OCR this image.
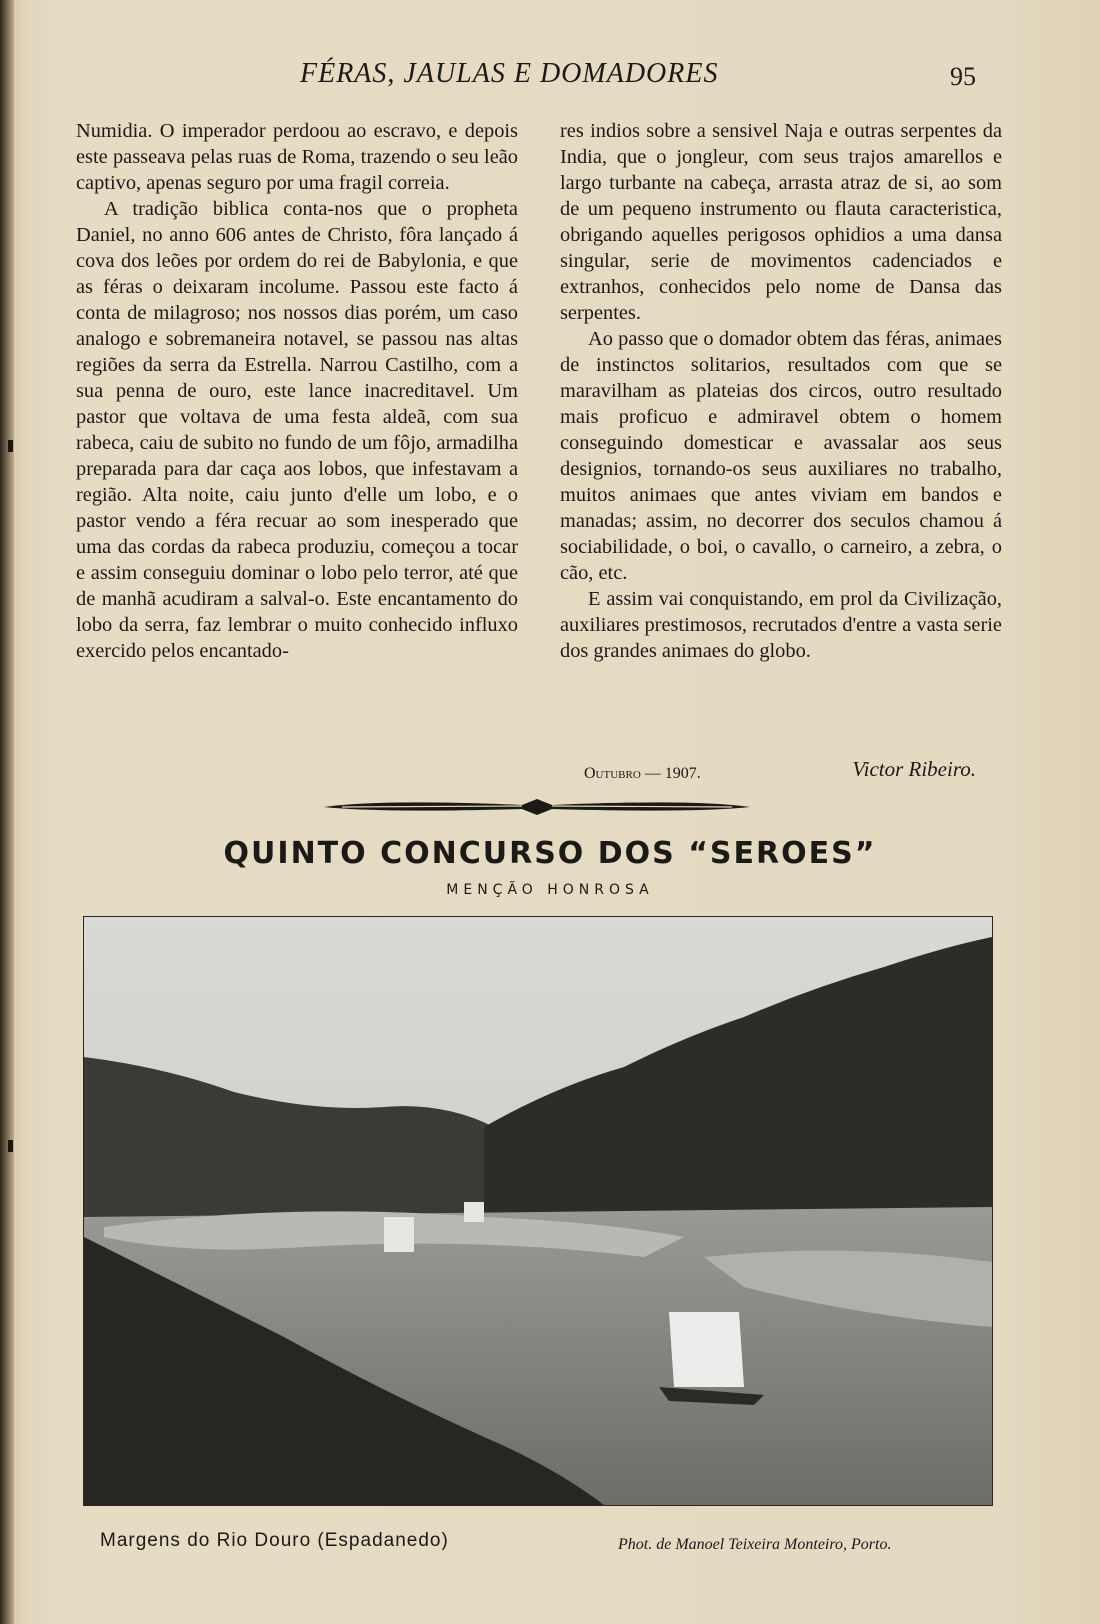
FÉRAS, JAULAS E DOMADORES	95

Numidia. O imperador perdoou ao escravo, e depois este passeava pelas ruas de Roma, trazendo o seu leão captivo, apenas seguro por uma fragil correia.

A tradição biblica conta-nos que o propheta Daniel, no anno 606 antes de Christo, fôra lançado á cova dos leões por ordem do rei de Babylonia, e que as féras o deixaram incolume. Passou este facto á conta de milagroso; nos nossos dias porém, um caso analogo e sobremaneira notavel, se passou nas altas regiões da serra da Estrella. Narrou Castilho, com a sua penna de ouro, este lance inacreditavel. Um pastor que voltava de uma festa aldeã, com sua rabeca, caiu de subito no fundo de um fôjo, armadilha preparada para dar caça aos lobos, que infestavam a região. Alta noite, caiu junto d'elle um lobo, e o pastor vendo a féra recuar ao som inesperado que uma das cordas da rabeca produziu, começou a tocar e assim conseguiu dominar o lobo pelo terror, até que de manhã acudiram a salval-o. Este encantamento do lobo da serra, faz lembrar o muito conhecido influxo exercido pelos encantado-

res indios sobre a sensivel Naja e outras serpentes da India, que o jongleur, com seus trajos amarellos e largo turbante na cabeça, arrasta atraz de si, ao som de um pequeno instrumento ou flauta caracteristica, obrigando aquelles perigosos ophidios a uma dansa singular, serie de movimentos cadenciados e extranhos, conhecidos pelo nome de Dansa das serpentes.

Ao passo que o domador obtem das féras, animaes de instinctos solitarios, resultados com que se maravilham as plateias dos circos, outro resultado mais proficuo e admiravel obtem o homem conseguindo domesticar e avassalar aos seus designios, tornando-os seus auxiliares no trabalho, muitos animaes que antes viviam em bandos e manadas; assim, no decorrer dos seculos chamou á sociabilidade, o boi, o cavallo, o carneiro, a zebra, o cão, etc.

E assim vai conquistando, em prol da Civilização, auxiliares prestimosos, recrutados d'entre a vasta serie dos grandes animaes do globo.

Outubro — 1907.	Victor Ribeiro.
QUINTO CONCURSO DOS “SEROES”
MENÇÃO HONROSA
Margens do Rio Douro (Espadanedo)	Phot. de Manoel Teixeira Monteiro, Porto.
